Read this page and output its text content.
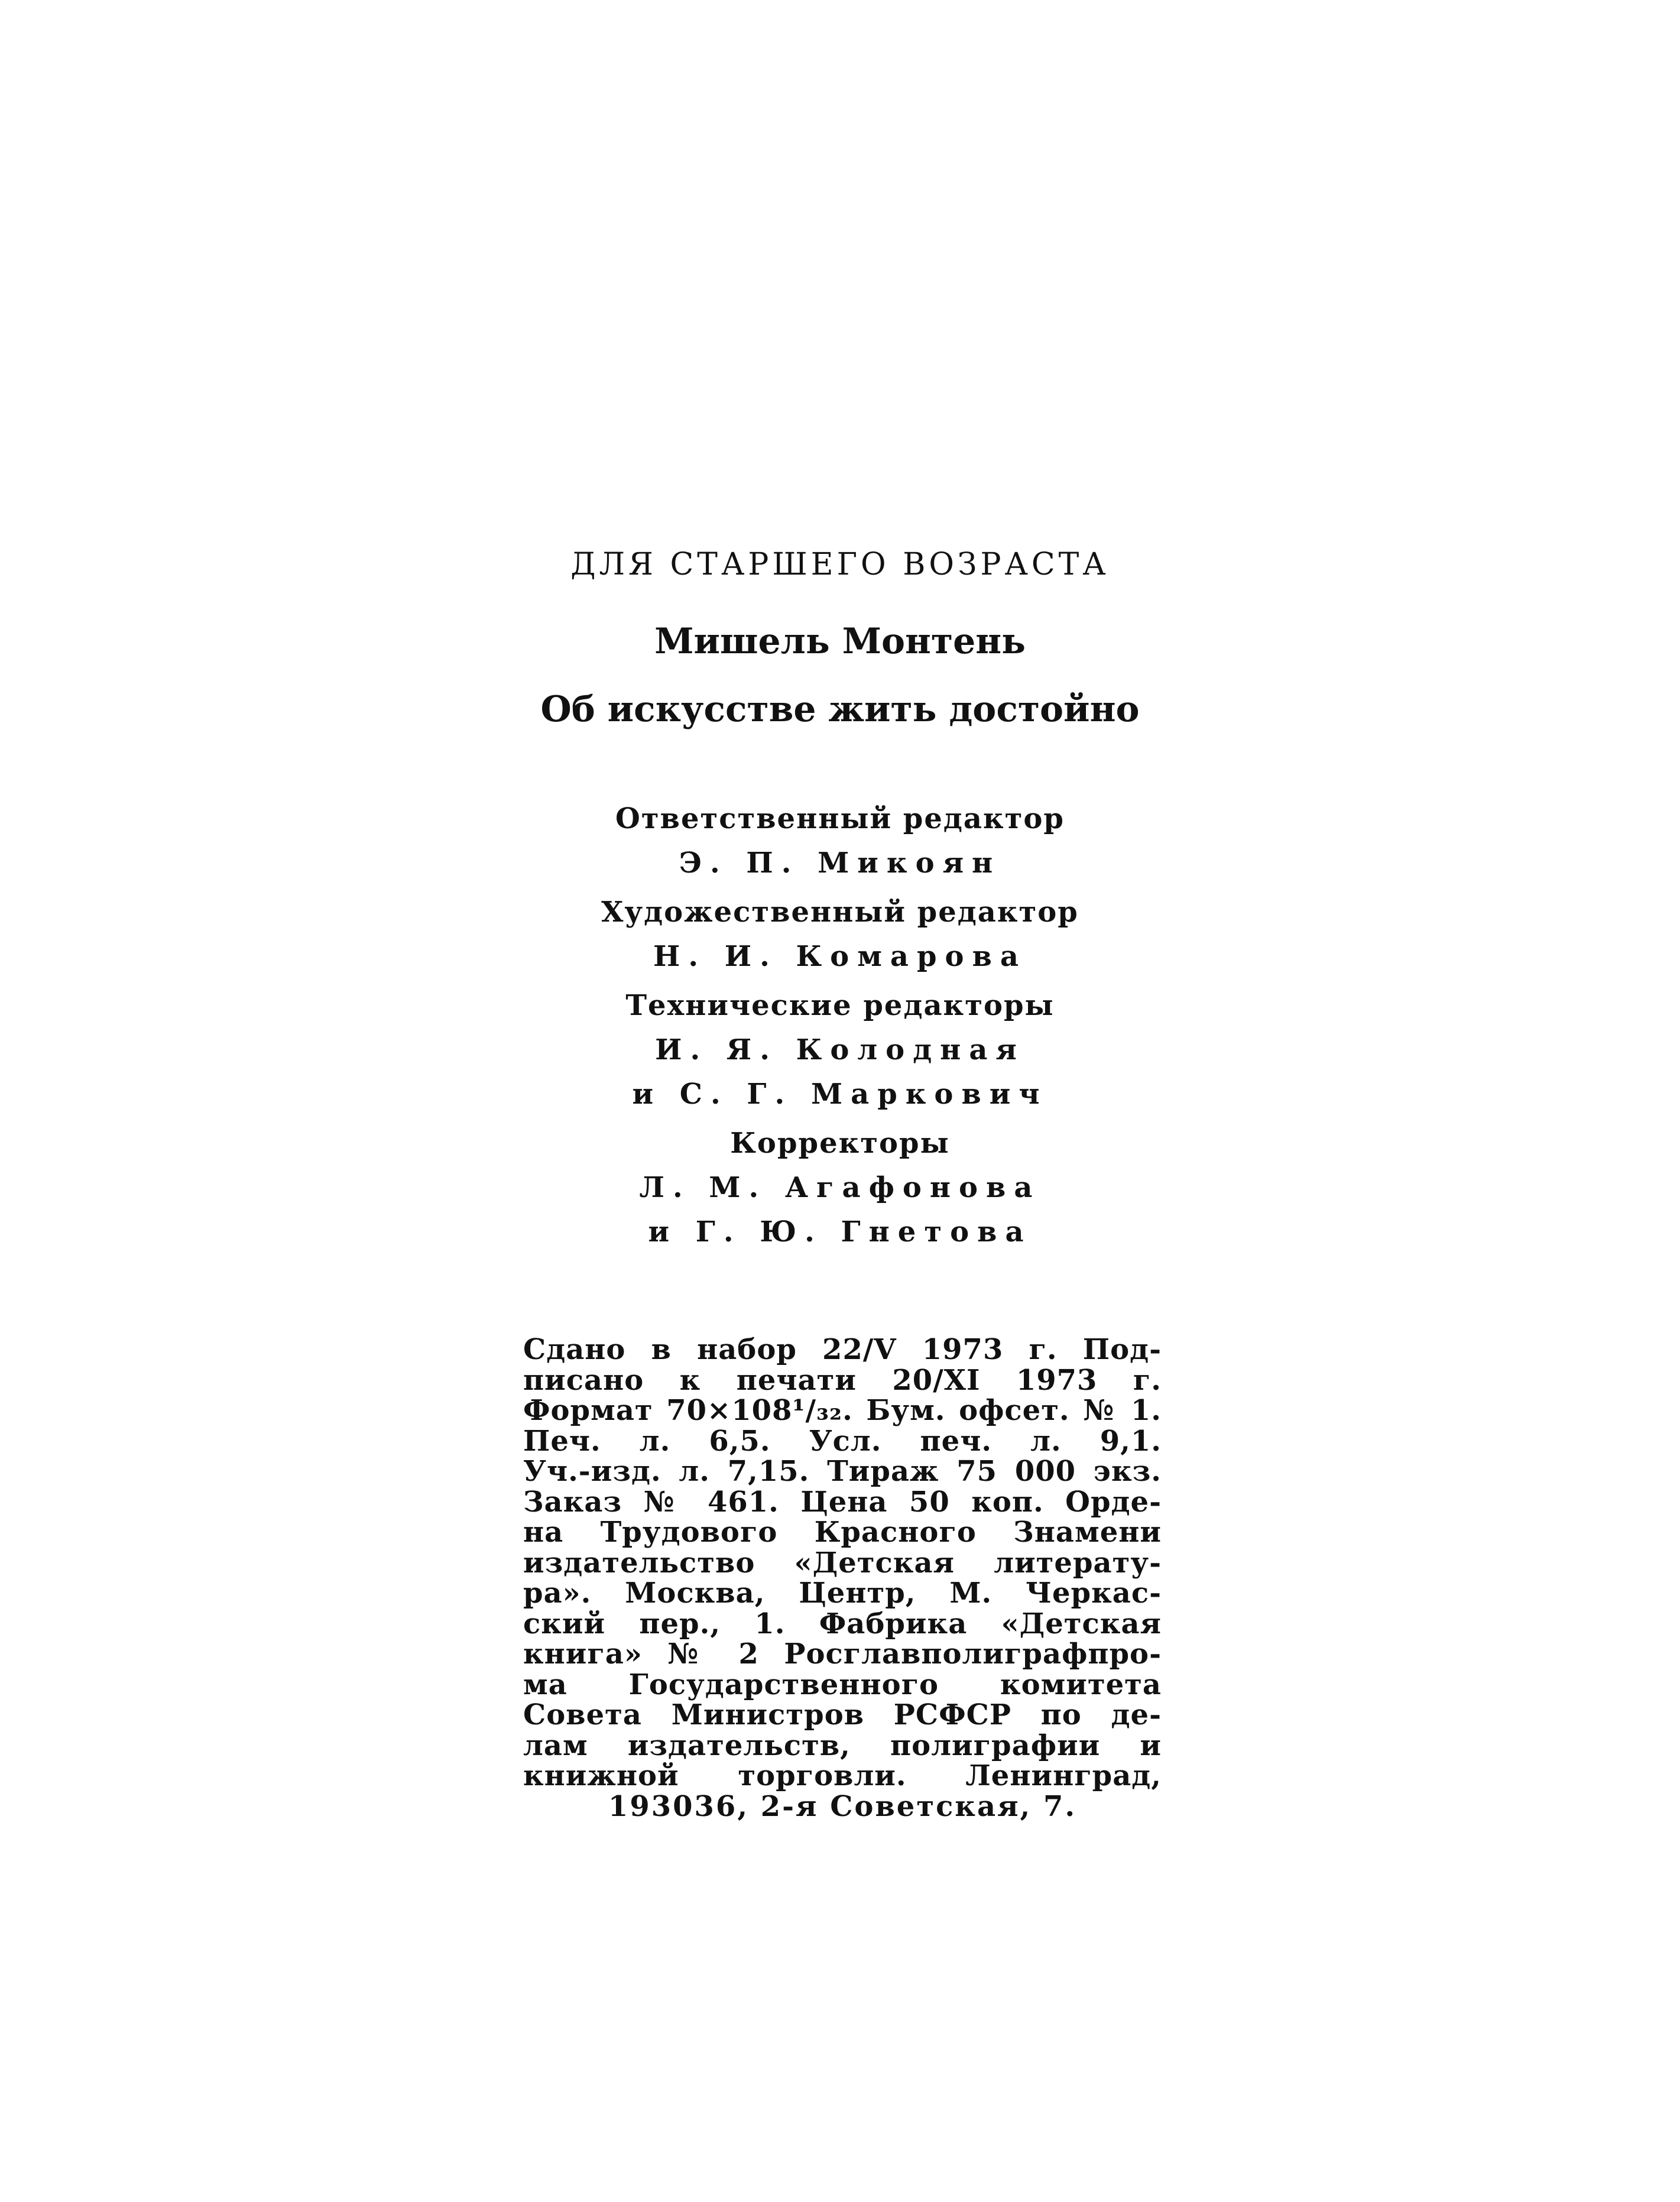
ДЛЯ СТАРШЕГО ВОЗРАСТА
Мишель Монтень
Об искусстве жить достойно
Ответственный редактор
Э. П. Микоян
Художественный редактор
Н. И. Комарова
Технические редакторы
И. Я. Колодная
и С. Г. Маркович
Корректоры
Л. М. Агафонова
и Г. Ю. Гнетова
Сдано в набор 22/V 1973 г. Под-
писано к печати 20/XI 1973 г.
Формат 70×108¹/₃₂. Бум. офсет. № 1.
Печ. л. 6,5. Усл. печ. л. 9,1.
Уч.-изд. л. 7,15. Тираж 75 000 экз.
Заказ № 461. Цена 50 коп. Орде-
на Трудового Красного Знамени
издательство «Детская литерату-
ра». Москва, Центр, М. Черкас-
ский пер., 1. Фабрика «Детская
книга» № 2 Росглавполиграфпро-
ма Государственного комитета
Совета Министров РСФСР по де-
лам издательств, полиграфии и
книжной торговли. Ленинград,
193036, 2-я Советская, 7.
